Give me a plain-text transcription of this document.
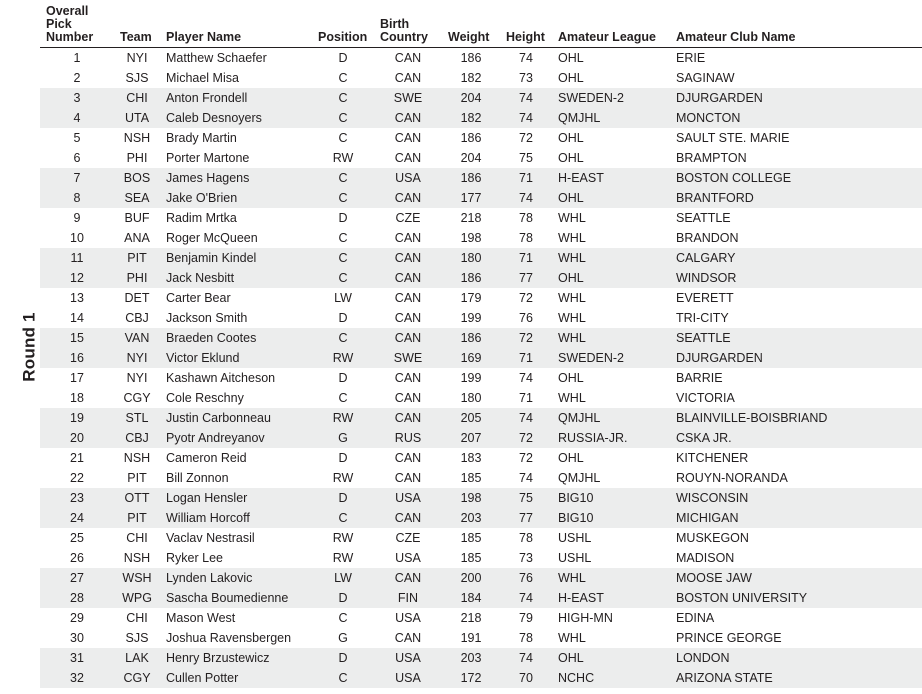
Round 1
Overall Pick
Number	Team	Player Name	Position	Birth
Country	Weight	Height	Amateur League	Amateur Club Name

1	NYI	Matthew Schaefer	D	CAN	186	74	OHL	ERIE
2	SJS	Michael Misa	C	CAN	182	73	OHL	SAGINAW
3	CHI	Anton Frondell	C	SWE	204	74	SWEDEN-2	DJURGARDEN
4	UTA	Caleb Desnoyers	C	CAN	182	74	QMJHL	MONCTON
5	NSH	Brady Martin	C	CAN	186	72	OHL	SAULT STE. MARIE
6	PHI	Porter Martone	RW	CAN	204	75	OHL	BRAMPTON
7	BOS	James Hagens	C	USA	186	71	H-EAST	BOSTON COLLEGE
8	SEA	Jake O'Brien	C	CAN	177	74	OHL	BRANTFORD
9	BUF	Radim Mrtka	D	CZE	218	78	WHL	SEATTLE
10	ANA	Roger McQueen	C	CAN	198	78	WHL	BRANDON
11	PIT	Benjamin Kindel	C	CAN	180	71	WHL	CALGARY
12	PHI	Jack Nesbitt	C	CAN	186	77	OHL	WINDSOR
13	DET	Carter Bear	LW	CAN	179	72	WHL	EVERETT
14	CBJ	Jackson Smith	D	CAN	199	76	WHL	TRI-CITY
15	VAN	Braeden Cootes	C	CAN	186	72	WHL	SEATTLE
16	NYI	Victor Eklund	RW	SWE	169	71	SWEDEN-2	DJURGARDEN
17	NYI	Kashawn Aitcheson	D	CAN	199	74	OHL	BARRIE
18	CGY	Cole Reschny	C	CAN	180	71	WHL	VICTORIA
19	STL	Justin Carbonneau	RW	CAN	205	74	QMJHL	BLAINVILLE-BOISBRIAND
20	CBJ	Pyotr Andreyanov	G	RUS	207	72	RUSSIA-JR.	CSKA JR.
21	NSH	Cameron Reid	D	CAN	183	72	OHL	KITCHENER
22	PIT	Bill Zonnon	RW	CAN	185	74	QMJHL	ROUYN-NORANDA
23	OTT	Logan Hensler	D	USA	198	75	BIG10	WISCONSIN
24	PIT	William Horcoff	C	CAN	203	77	BIG10	MICHIGAN
25	CHI	Vaclav Nestrasil	RW	CZE	185	78	USHL	MUSKEGON
26	NSH	Ryker Lee	RW	USA	185	73	USHL	MADISON
27	WSH	Lynden Lakovic	LW	CAN	200	76	WHL	MOOSE JAW
28	WPG	Sascha Boumedienne	D	FIN	184	74	H-EAST	BOSTON UNIVERSITY
29	CHI	Mason West	C	USA	218	79	HIGH-MN	EDINA
30	SJS	Joshua Ravensbergen	G	CAN	191	78	WHL	PRINCE GEORGE
31	LAK	Henry Brzustewicz	D	USA	203	74	OHL	LONDON
32	CGY	Cullen Potter	C	USA	172	70	NCHC	ARIZONA STATE
